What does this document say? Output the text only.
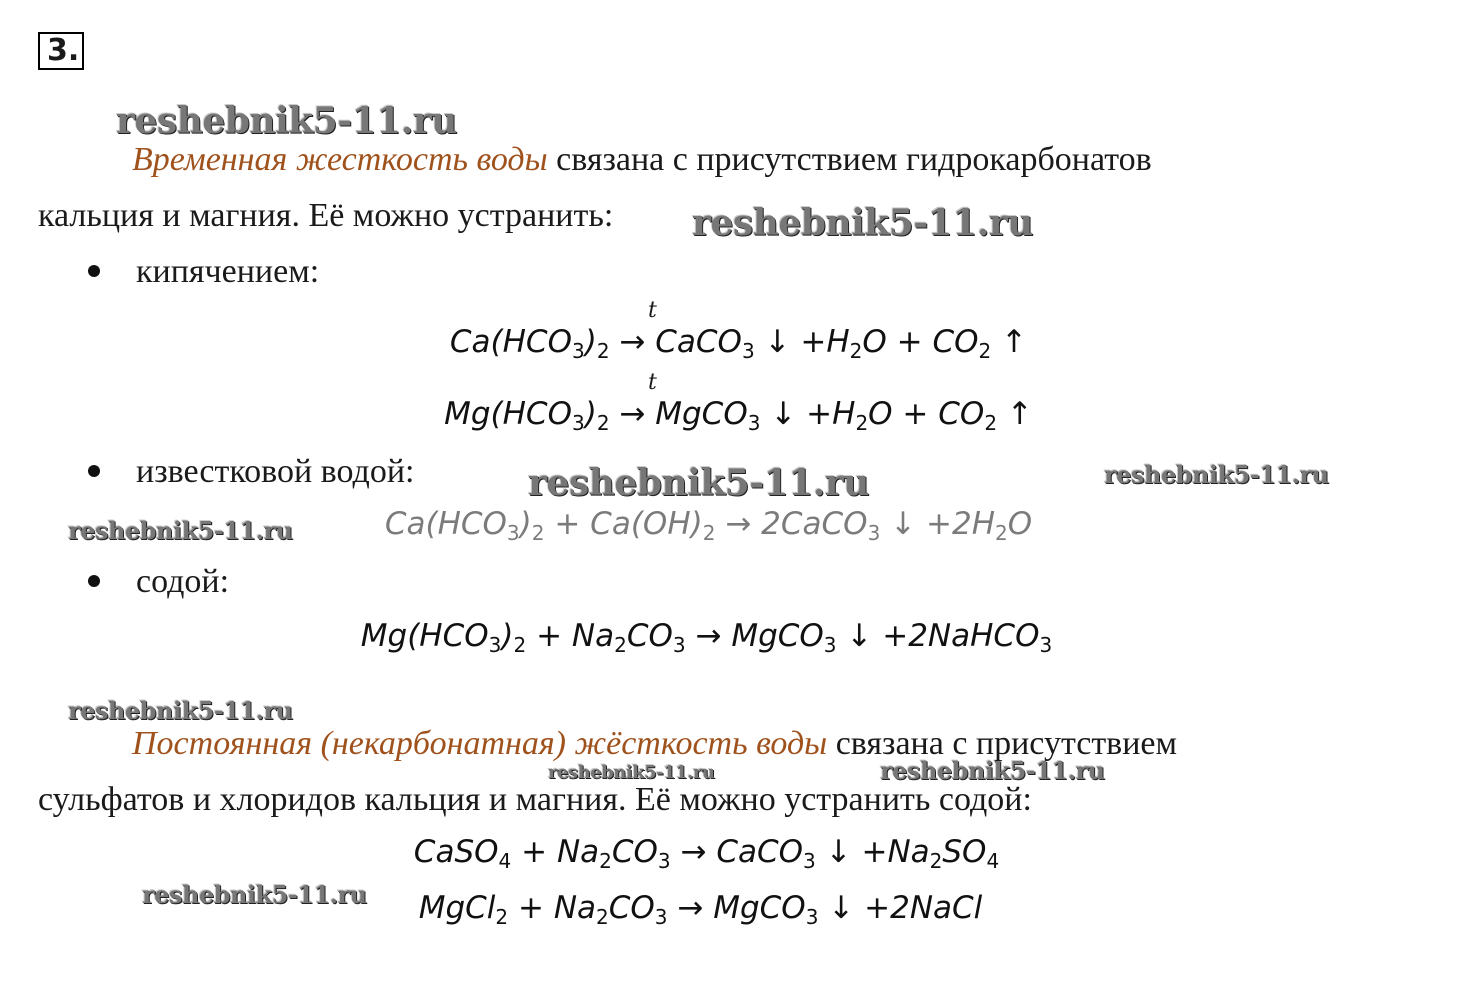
3.
reshebnik5-11.ru
reshebnik5-11.ru
reshebnik5-11.ru	reshebnik5-11.ru
reshebnik5-11.ru
reshebnik5-11.ru
reshebnik5-11.ru	reshebnik5-11.ru
reshebnik5-11.ru
Временная жесткость воды связана с присутствием гидрокарбонатов
кальция и магния. Её можно устранить:
кипячением:
t
$Ca(HCO_3)_2$ → CaCO$_3$ ↓ $+H_2O + CO_2$ ↑
t
$Mg(HCO_3)_2$ → MgCO$_3$ ↓ $+H_2O + CO_2$ ↑
известковой водой:
$Ca(HCO_3)_2 + Ca(OH)_2$ → 2CaCO$_3$ ↓ $+2H_2O$
содой:
$Mg(HCO_3)_2 + Na_2CO_3$ → MgCO$_3$ ↓ +2NaHCO$_3$
Постоянная (некарбонатная) жёсткость воды связана с присутствием
сульфатов и хлоридов кальция и магния. Её можно устранить содой:
CaSO$_4$ + $Na_2CO_3$ → CaCO$_3$ ↓ $+Na_2SO_4$
MgCl$_2$ + $Na_2CO_3$ → MgCO$_3$ ↓ +2NaCl
